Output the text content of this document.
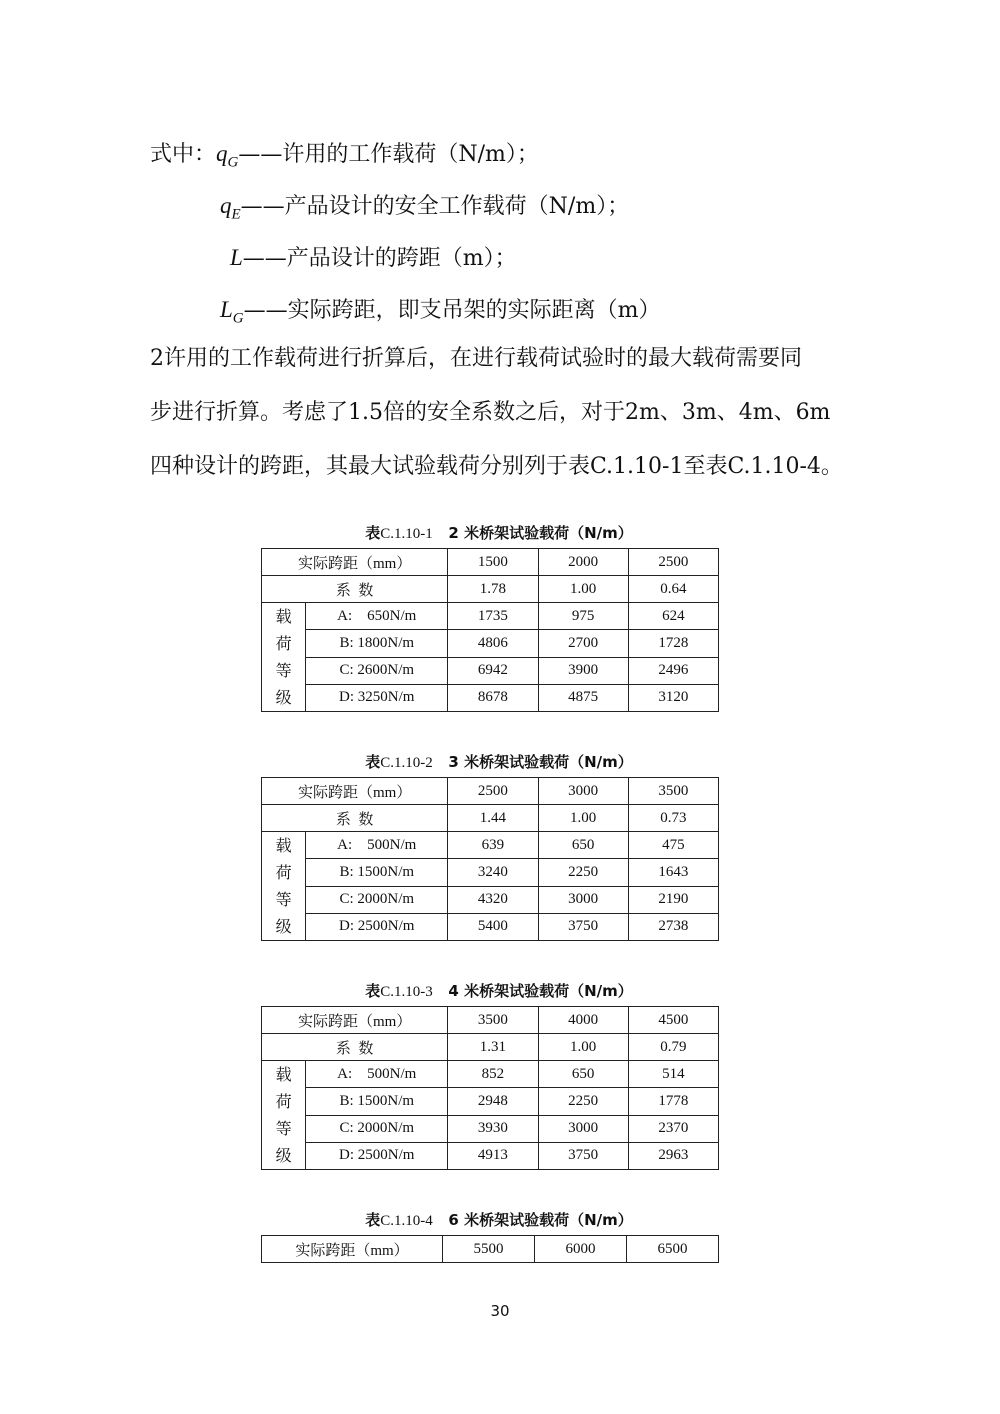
式中：$q_G——$许用的工作载荷（N/m）；
$q_E——$产品设计的安全工作载荷（N/m）；
L——产品设计的跨距（m）；
$L_G——$实际跨距，即支吊架的实际距离（m）
2许用的工作载荷进行折算后，在进行载荷试验时的最大载荷需要同
步进行折算。考虑了1.5倍的安全系数之后，对于2m、3m、4m、6m
四种设计的跨距，其最大试验载荷分别列于表C.1.10-1至表C.1.10-4。
表C.1.10-1 2 米桥架试验载荷（N/m）
实际跨距（mm）		1500	2000	2500
系  数		1.78	1.00	0.64

载
荷
等
级	A:    650N/m	1735	975	624
	B: 1800N/m	4806	2700	1728
	C: 2600N/m	6942	3900	2496
	D: 3250N/m	8678	4875	3120
表C.1.10-2 3 米桥架试验载荷（N/m）
实际跨距（mm）		2500	3000	3500
系  数		1.44	1.00	0.73

载
荷
等
级	A:    500N/m	639	650	475
	B: 1500N/m	3240	2250	1643
	C: 2000N/m	4320	3000	2190
	D: 2500N/m	5400	3750	2738
表C.1.10-3 4 米桥架试验载荷（N/m）
实际跨距（mm）		3500	4000	4500
系  数		1.31	1.00	0.79

载
荷
等
级	A:    500N/m	852	650	514
	B: 1500N/m	2948	2250	1778
	C: 2000N/m	3930	3000	2370
	D: 2500N/m	4913	3750	2963
表C.1.10-4 6 米桥架试验载荷（N/m）
实际跨距（mm）	5500	6000	6500
30
